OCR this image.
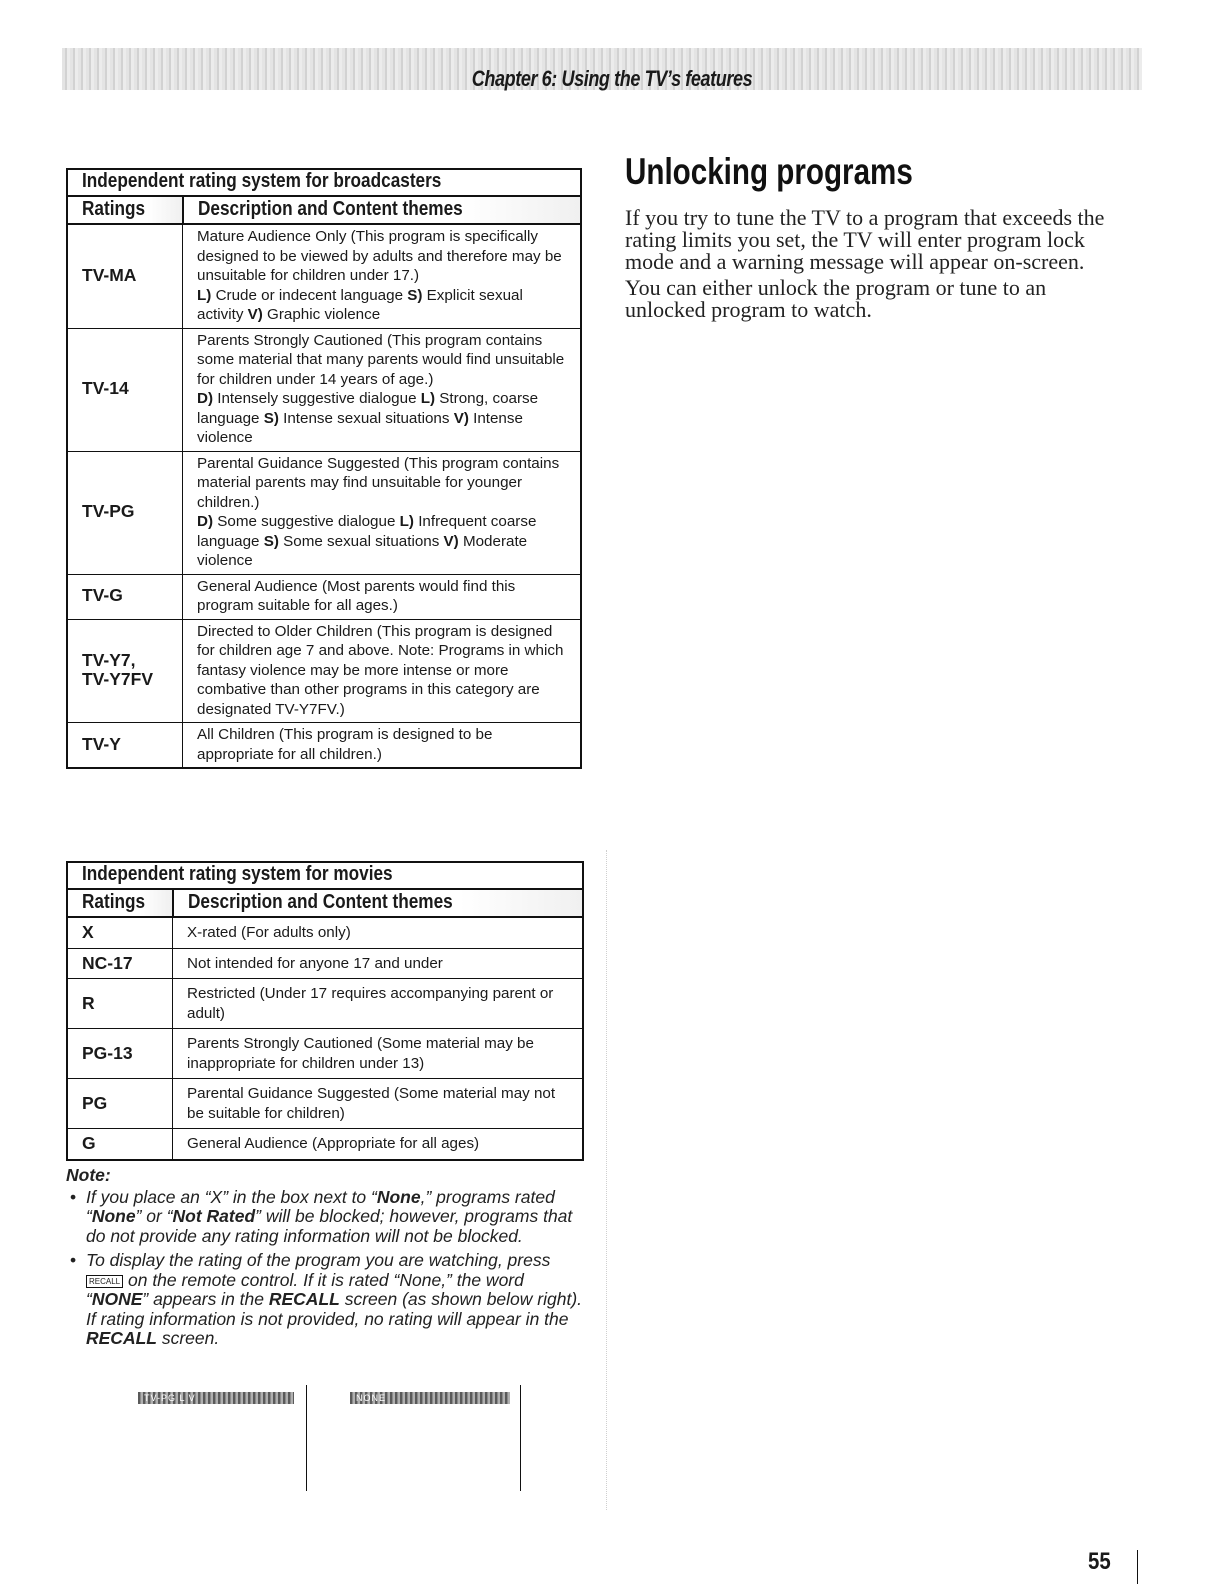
Chapter 6: Using the TV’s features
Independent rating system for broadcasters	
Ratings	Description and Content themes
TV-MA	Mature Audience Only (This program is specifically designed to be viewed by adults and therefore may be unsuitable for children under 17.)
L) Crude or indecent language S) Explicit sexual activity V) Graphic violence

TV-14	Parents Strongly Cautioned (This program contains some material that many parents would find unsuitable for children under 14 years of age.)
D) Intensely suggestive dialogue L) Strong, coarse language S) Intense sexual situations V) Intense violence

TV-PG	Parental Guidance Suggested (This program contains material parents may find unsuitable for younger children.)
D) Some suggestive dialogue L) Infrequent coarse language S) Some sexual situations V) Moderate violence

TV-G	General Audience (Most parents would find this program suitable for all ages.)

TV-Y7,
TV-Y7FV	Directed to Older Children (This program is designed for children age 7 and above. Note: Programs in which fantasy violence may be more intense or more combative than other programs in this category are designated TV-Y7FV.)

TV-Y	All Children (This program is designed to be appropriate for all children.)
Independent rating system for movies	
Ratings	Description and Content themes
X	X-rated (For adults only)
NC-17	Not intended for anyone 17 and under
R	Restricted (Under 17 requires accompanying parent or adult)
PG-13	Parents Strongly Cautioned (Some material may be inappropriate for children under 13)
PG	Parental Guidance Suggested (Some material may not be suitable for children)
G	General Audience (Appropriate for all ages)
Note:
• If you place an “X” in the box next to “None,” programs rated “None” or “Not Rated” will be blocked; however, programs that do not provide any rating information will not be blocked.
• To display the rating of the program you are watching, press RECALL on the remote control. If it is rated “None,” the word “NONE” appears in the RECALL screen (as shown below right). If rating information is not provided, no rating will appear in the RECALL screen.
TV-PG L V	NONE
Unlocking programs

If you try to tune the TV to a program that exceeds the rating limits you set, the TV will enter program lock mode and a warning message will appear on-screen.

You can either unlock the program or tune to an unlocked program to watch.

55
